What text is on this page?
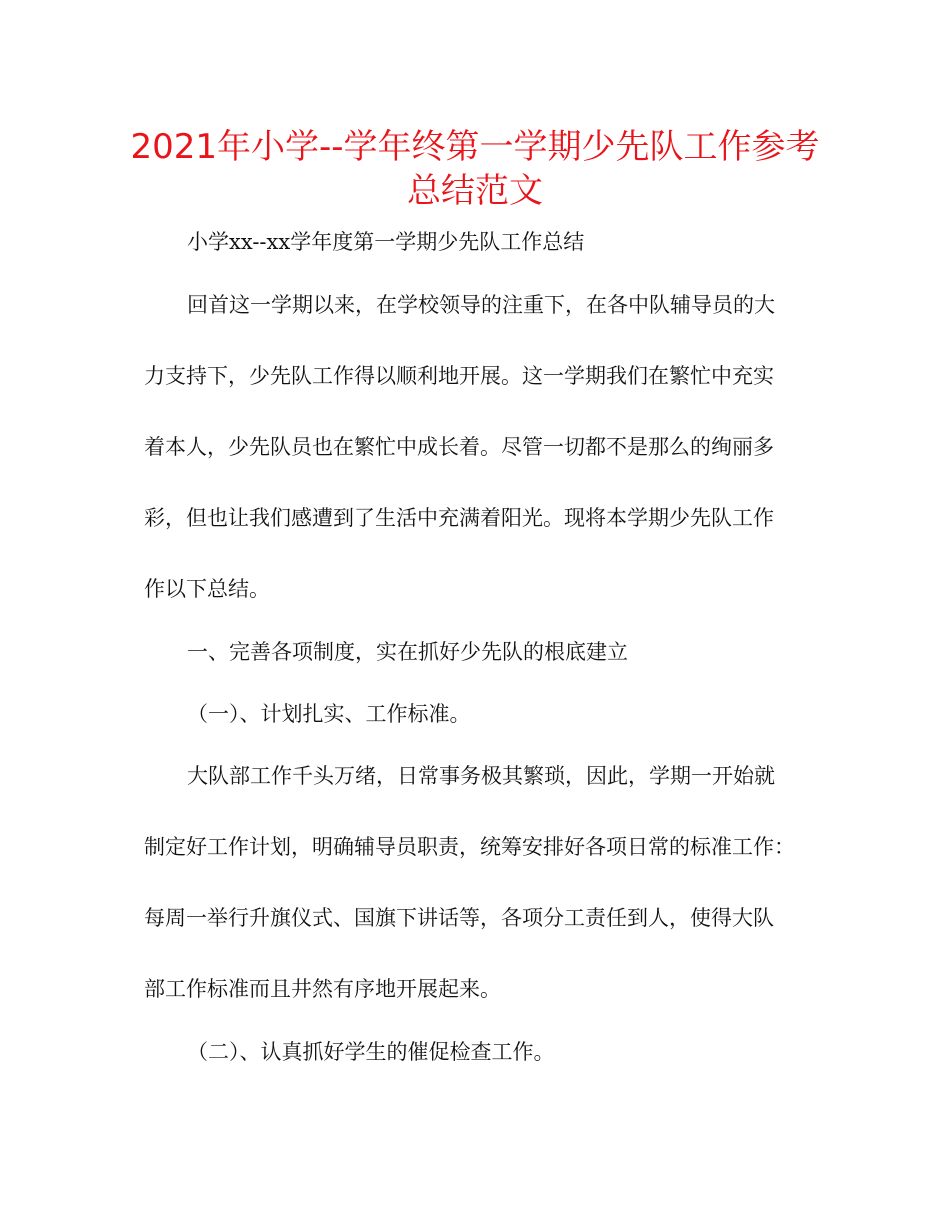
2021年小学--学年终第一学期少先队工作参考
总结范文
小学xx--xx学年度第一学期少先队工作总结
回首这一学期以来，在学校领导的注重下，在各中队辅导员的大
力支持下，少先队工作得以顺利地开展。这一学期我们在繁忙中充实
着本人，少先队员也在繁忙中成长着。尽管一切都不是那么的绚丽多
彩，但也让我们感遭到了生活中充满着阳光。现将本学期少先队工作
作以下总结。
一、完善各项制度，实在抓好少先队的根底建立
（一）、计划扎实、工作标准。
大队部工作千头万绪，日常事务极其繁琐，因此，学期一开始就
制定好工作计划，明确辅导员职责，统筹安排好各项日常的标准工作：
每周一举行升旗仪式、国旗下讲话等，各项分工责任到人，使得大队
部工作标准而且井然有序地开展起来。
（二）、认真抓好学生的催促检查工作。
